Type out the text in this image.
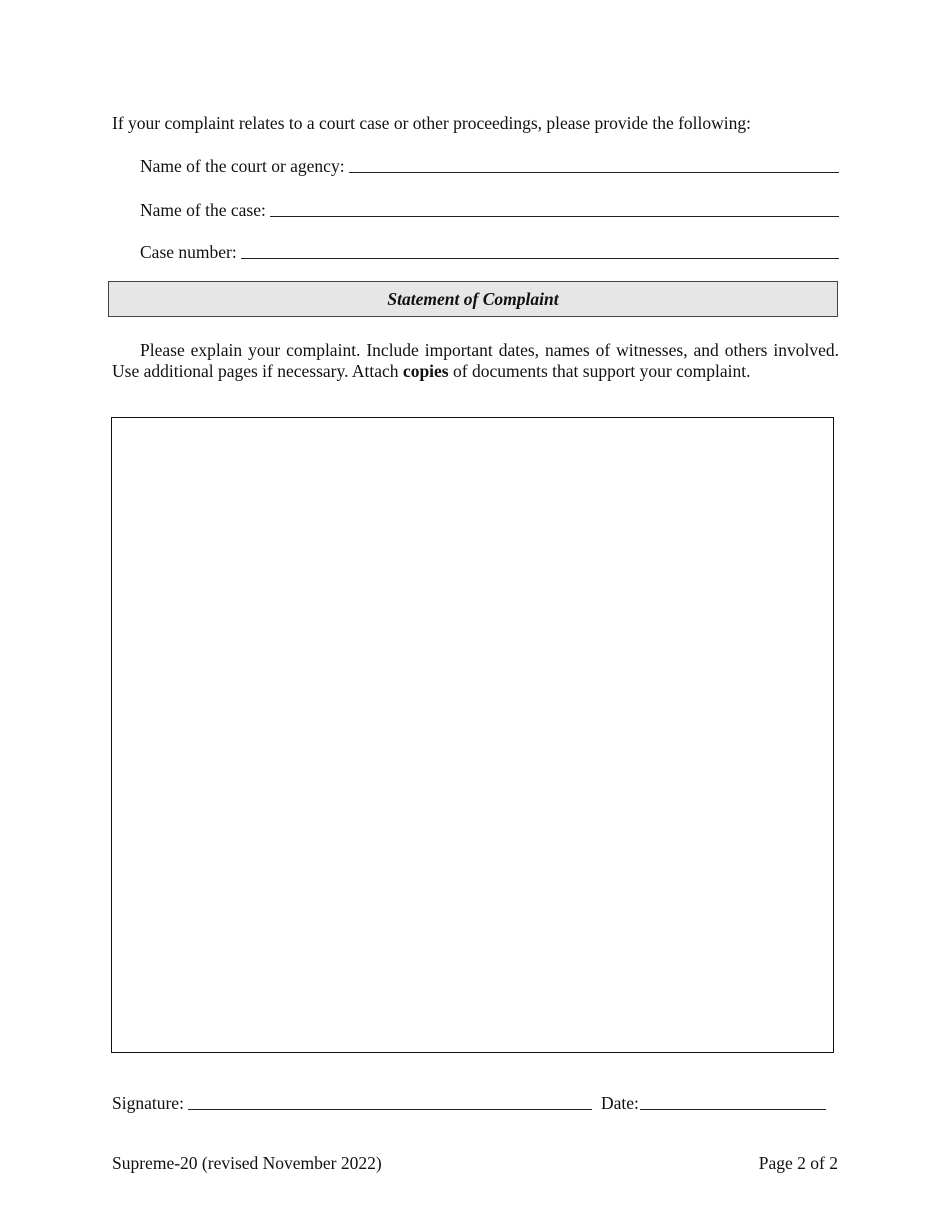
If your complaint relates to a court case or other proceedings, please provide the following:
Name of the court or agency:
Name of the case:
Case number:
Statement of Complaint
Please explain your complaint. Include important dates, names of witnesses, and others involved. Use additional pages if necessary. Attach copies of documents that support your complaint.
Signature:	Date:
Supreme-20 (revised November 2022)	Page 2 of 2
